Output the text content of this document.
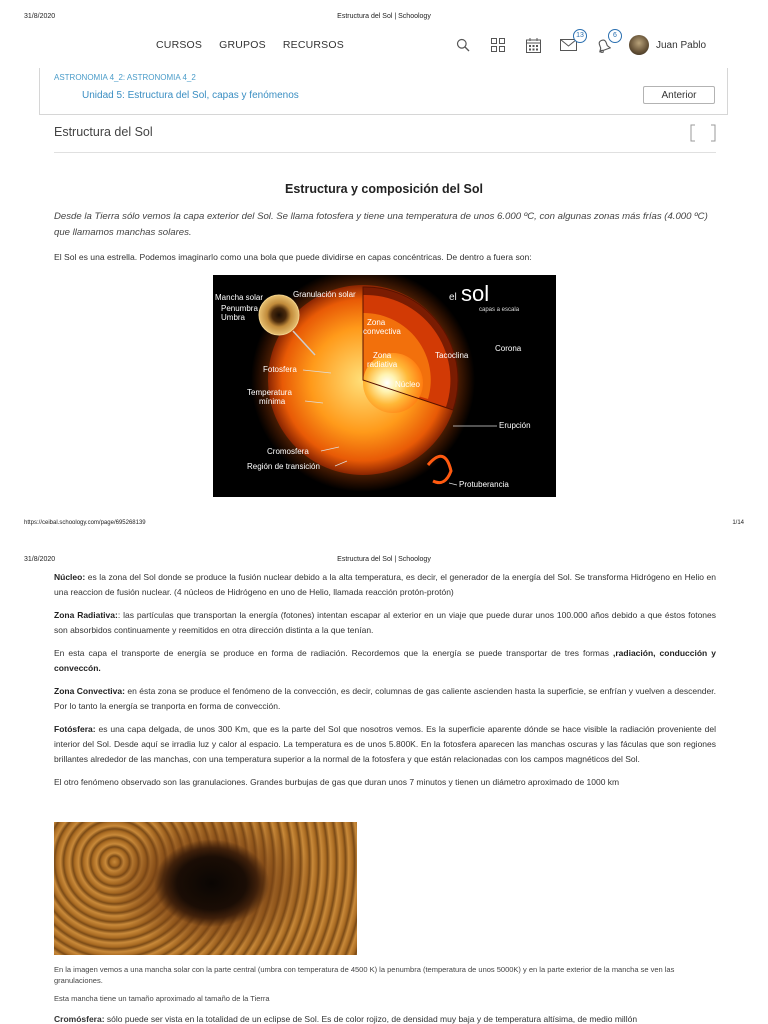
31/8/2020	Estructura del Sol | Schoology
CURSOS GRUPOS RECURSOS
13	6
Juan Pablo
ASTRONOMIA 4_2: ASTRONOMIA 4_2
Unidad 5: Estructura del Sol, capas y fenómenos	Anterior
Estructura del Sol
Estructura y composición del Sol

Desde la Tierra sólo vemos la capa exterior del Sol. Se llama fotosfera y tiene una temperatura de unos 6.000 ºC, con algunas zonas más frías (4.000 ºC) que llamamos manchas solares.

El Sol es una estrella. Podemos imaginarlo como una bola que puede dividirse en capas concéntricas. De dentro a fuera son:

el sol
capas a escala
Mancha solar
Penumbra
Umbra
Granulación solar
Zona
convectiva
Zona
radiativa
Tacoclina
Núcleo
Corona
Fotosfera
Temperatura
mínima
Erupción
Cromosfera
Región de transición
Protuberancia
https://ceibal.schoology.com/page/695268139	1/14
31/8/2020	Estructura del Sol | Schoology

Núcleo: es la zona del Sol donde se produce la fusión nuclear debido a la alta temperatura, es decir, el generador de la energía del Sol. Se transforma Hidrógeno en Helio en una reaccion de fusión nuclear. (4 núcleos de Hidrógeno en uno de Helio, llamada reacción protón-protón)

Zona Radiativa:: las partículas que transportan la energía (fotones) intentan escapar al exterior en un viaje que puede durar unos 100.000 años debido a que éstos fotones son absorbidos continuamente y reemitidos en otra dirección distinta a la que tenían.

En esta capa el transporte de energía se produce en forma de radiación. Recordemos que la energía se puede transportar de tres formas ,radiación, conducción y conveccón.

Zona Convectiva: en ésta zona se produce el fenómeno de la convección, es decir, columnas de gas caliente ascienden hasta la superficie, se enfrían y vuelven a descender. Por lo tanto la energía se tranporta en forma de convección.

Fotósfera: es una capa delgada, de unos 300 Km, que es la parte del Sol que nosotros vemos. Es la superficie aparente dónde se hace visible la radiación proveniente del interior del Sol. Desde aquí se irradia luz y calor al espacio. La temperatura es de unos 5.800K. En la fotosfera aparecen las manchas oscuras y las fáculas que son regiones brillantes alrededor de las manchas, con una temperatura superior a la normal de la fotosfera y que están relacionadas con los campos magnéticos del Sol.

El otro fenómeno observado son las granulaciones. Grandes burbujas de gas que duran unos 7 minutos y tienen un diámetro aproximado de 1000 km

En la imagen vemos a una mancha solar con la parte central (umbra con temperatura de 4500 K) la penumbra (temperatura de unos 5000K) y en la parte exterior de la mancha se ven las granulaciones.

Esta mancha tiene un tamaño aproximado al tamaño de la Tierra

Cromósfera: sólo puede ser vista en la totalidad de un eclipse de Sol. Es de color rojizo, de densidad muy baja y de temperatura altísima, de medio millón
